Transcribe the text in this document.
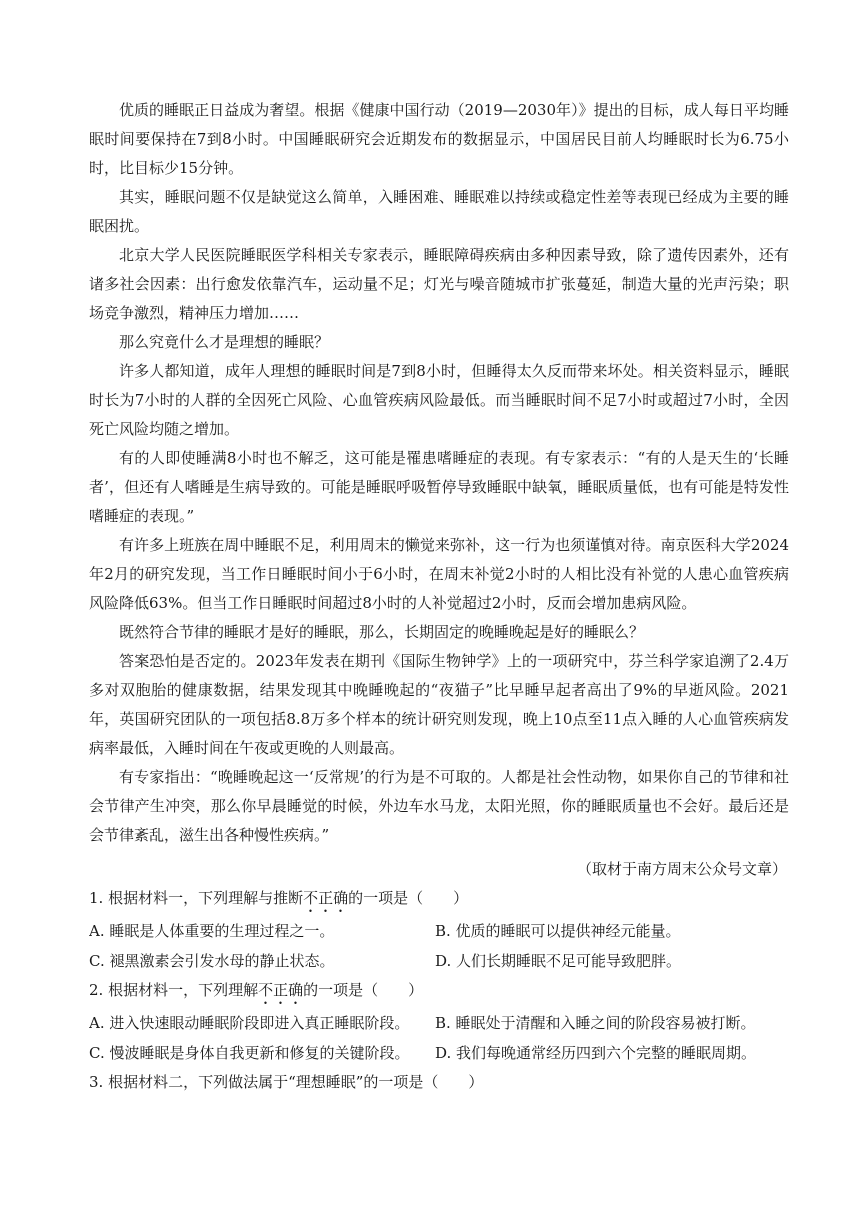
优质的睡眠正日益成为奢望。根据《健康中国行动（2019—2030年）》提出的目标，成人每日平均睡眠时间要保持在7到8小时。中国睡眠研究会近期发布的数据显示，中国居民目前人均睡眠时长为6.75小时，比目标少15分钟。

其实，睡眠问题不仅是缺觉这么简单，入睡困难、睡眠难以持续或稳定性差等表现已经成为主要的睡眠困扰。

北京大学人民医院睡眠医学科相关专家表示，睡眠障碍疾病由多种因素导致，除了遗传因素外，还有诸多社会因素：出行愈发依靠汽车，运动量不足；灯光与噪音随城市扩张蔓延，制造大量的光声污染；职场竞争激烈，精神压力增加……

那么究竟什么才是理想的睡眠？

许多人都知道，成年人理想的睡眠时间是7到8小时，但睡得太久反而带来坏处。相关资料显示，睡眠时长为7小时的人群的全因死亡风险、心血管疾病风险最低。而当睡眠时间不足7小时或超过7小时，全因死亡风险均随之增加。

有的人即使睡满8小时也不解乏，这可能是罹患嗜睡症的表现。有专家表示：“有的人是天生的‘长睡者’，但还有人嗜睡是生病导致的。可能是睡眠呼吸暂停导致睡眠中缺氧，睡眠质量低，也有可能是特发性嗜睡症的表现。”

有许多上班族在周中睡眠不足，利用周末的懒觉来弥补，这一行为也须谨慎对待。南京医科大学2024年2月的研究发现，当工作日睡眠时间小于6小时，在周末补觉2小时的人相比没有补觉的人患心血管疾病风险降低63%。但当工作日睡眠时间超过8小时的人补觉超过2小时，反而会增加患病风险。

既然符合节律的睡眠才是好的睡眠，那么，长期固定的晚睡晚起是好的睡眠么？

答案恐怕是否定的。2023年发表在期刊《国际生物钟学》上的一项研究中，芬兰科学家追溯了2.4万多对双胞胎的健康数据，结果发现其中晚睡晚起的“夜猫子”比早睡早起者高出了9%的早逝风险。2021年，英国研究团队的一项包括8.8万多个样本的统计研究则发现，晚上10点至11点入睡的人心血管疾病发病率最低，入睡时间在午夜或更晚的人则最高。

有专家指出：“晚睡晚起这一‘反常规’的行为是不可取的。人都是社会性动物，如果你自己的节律和社会节律产生冲突，那么你早晨睡觉的时候，外边车水马龙，太阳光照，你的睡眠质量也不会好。最后还是会节律紊乱，滋生出各种慢性疾病。”

（取材于南方周末公众号文章）

1. 根据材料一，下列理解与推断不正确的一项是（　　）

A. 睡眠是人体重要的生理过程之一。	B. 优质的睡眠可以提供神经元能量。
C. 褪黑激素会引发水母的静止状态。	D. 人们长期睡眠不足可能导致肥胖。

2. 根据材料一，下列理解不正确的一项是（　　）

A. 进入快速眼动睡眠阶段即进入真正睡眠阶段。	B. 睡眠处于清醒和入睡之间的阶段容易被打断。
C. 慢波睡眠是身体自我更新和修复的关键阶段。	D. 我们每晚通常经历四到六个完整的睡眠周期。

3. 根据材料二，下列做法属于“理想睡眠”的一项是（　　）
